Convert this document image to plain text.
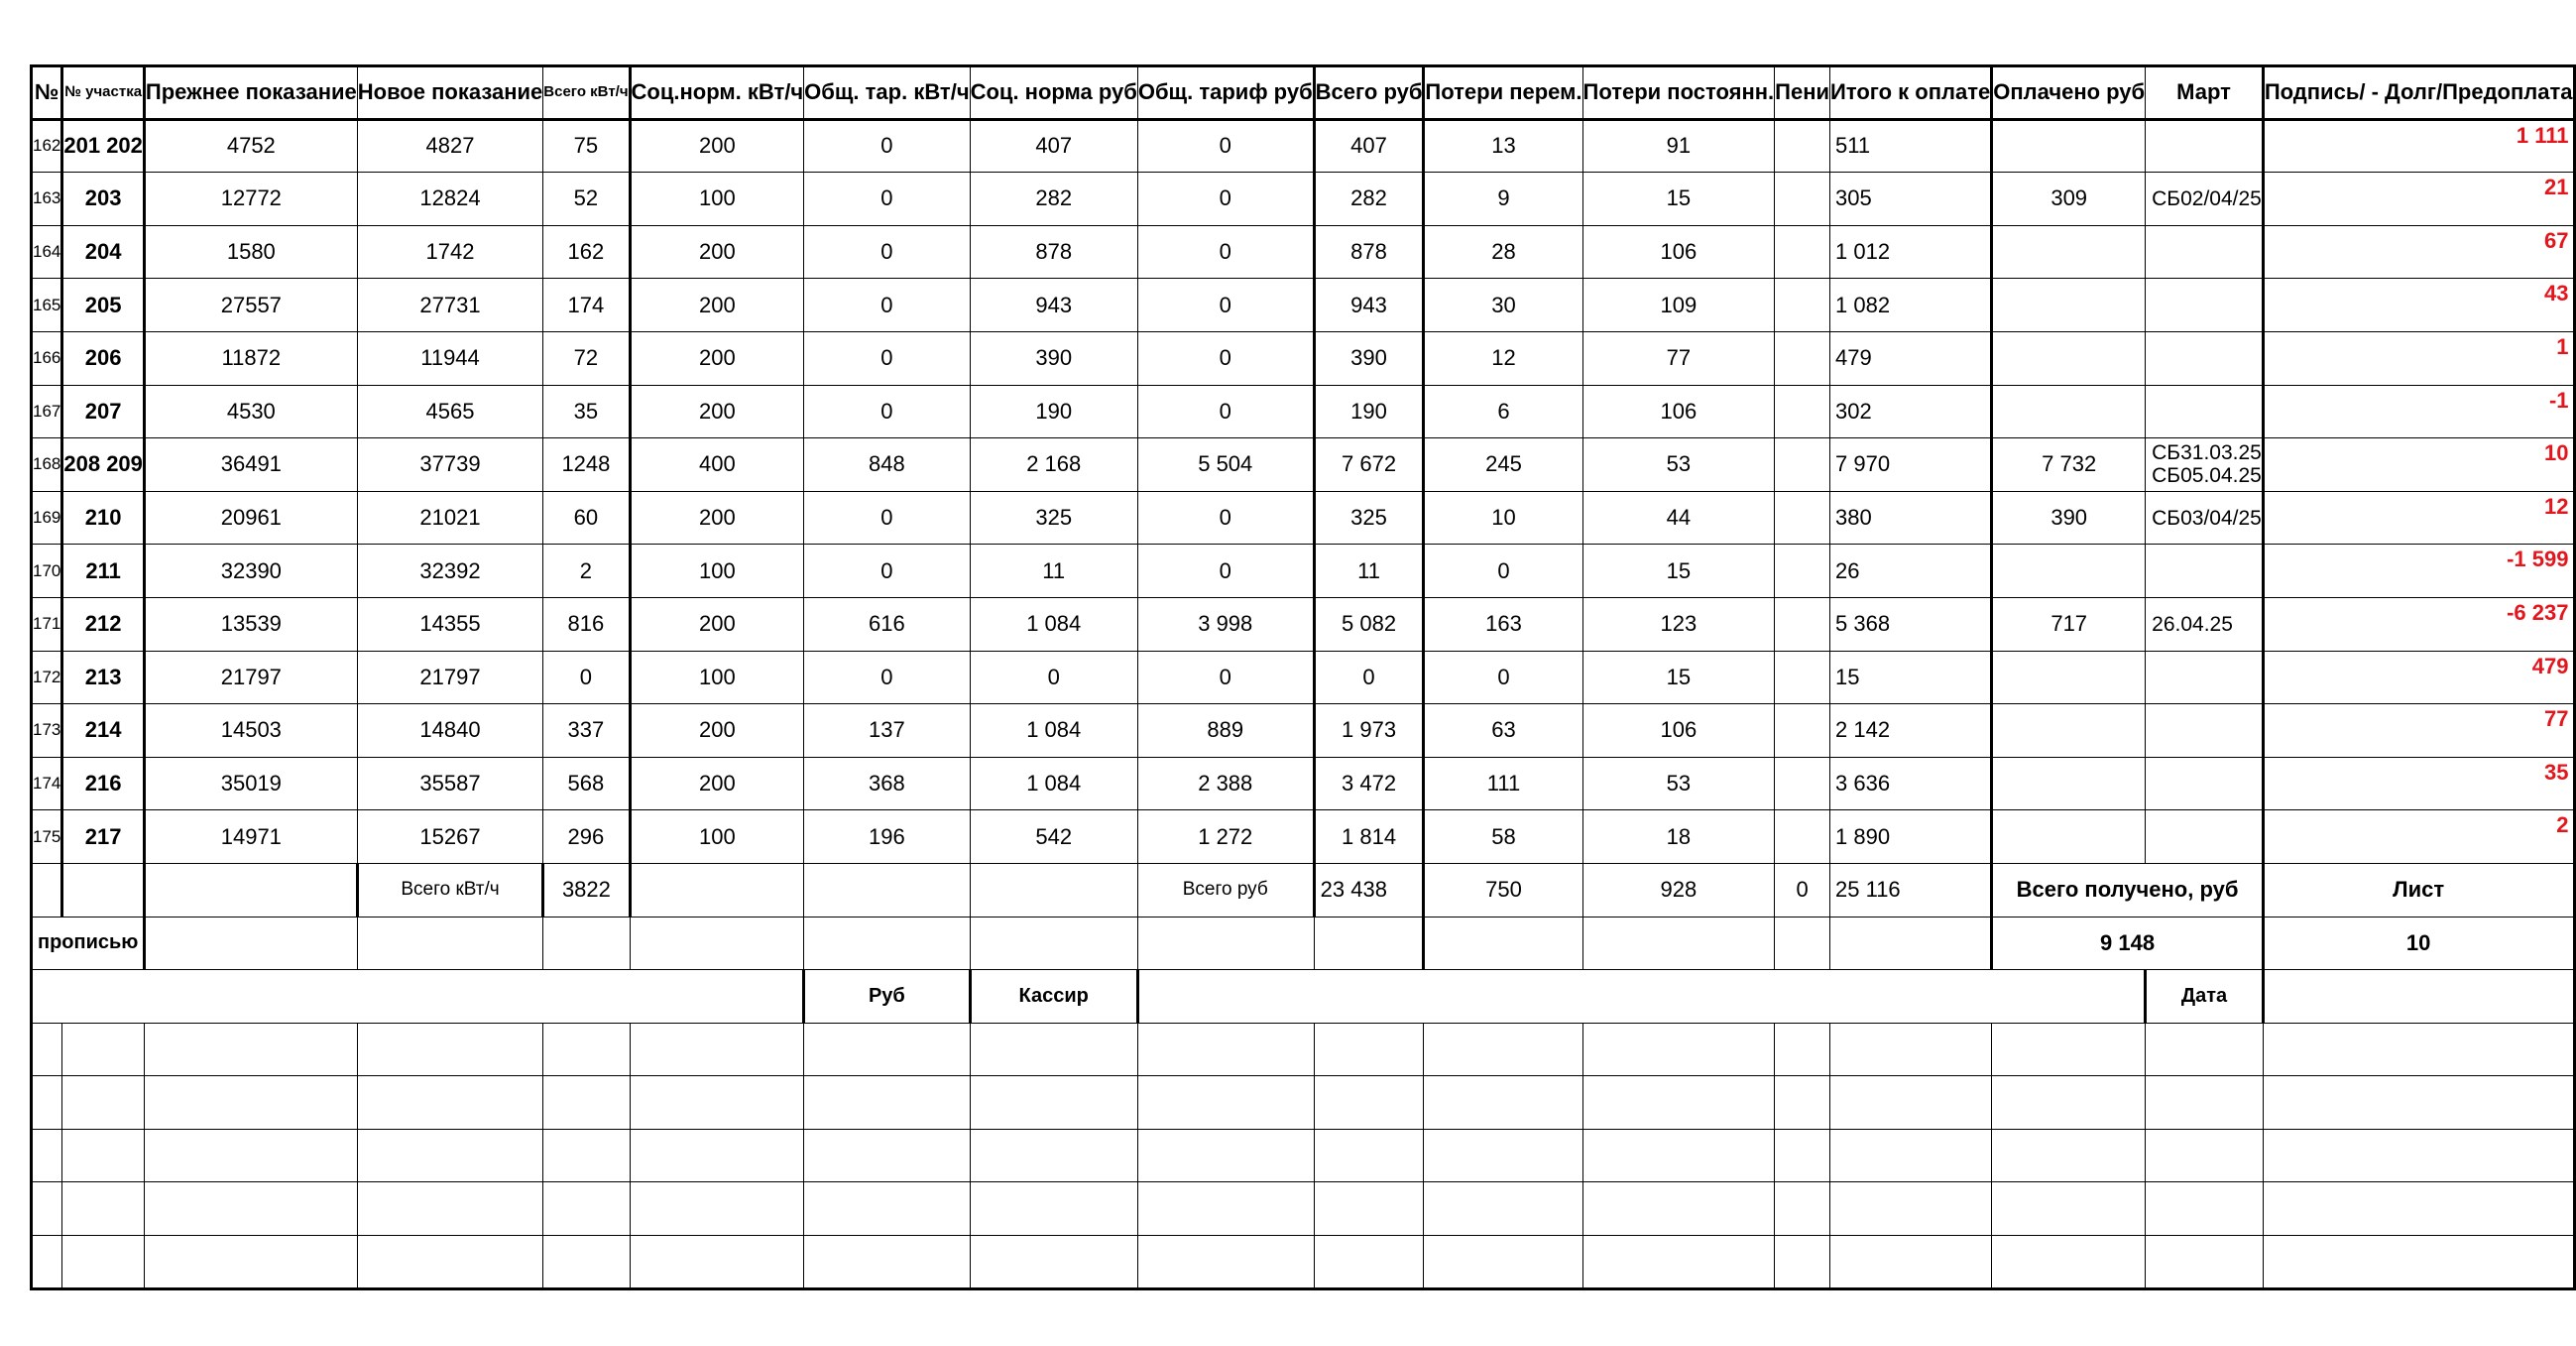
№	№ участка	Прежнее показание	Новое показание	Всего кВт/ч	Соц.норм. кВт/ч	Общ. тар. кВт/ч	Соц. норма руб	Общ. тариф руб	Всего руб	Потери перем.	Потери постоянн.	Пени	Итого к оплате	Оплачено руб	Март	Подпись/ - Долг/Предоплата
162	201 202	4752	4827	75	200	0	407	0	407	13	91		511			1 111
163	203	12772	12824	52	100	0	282	0	282	9	15		305	309	СБ02/04/25	21
164	204	1580	1742	162	200	0	878	0	878	28	106		1 012			67
165	205	27557	27731	174	200	0	943	0	943	30	109		1 082			43
166	206	11872	11944	72	200	0	390	0	390	12	77		479			1
167	207	4530	4565	35	200	0	190	0	190	6	106		302			-1
168	208 209	36491	37739	1248	400	848	2 168	5 504	7 672	245	53		7 970	7 732	СБ31.03.25 СБ05.04.25	10
169	210	20961	21021	60	200	0	325	0	325	10	44		380	390	СБ03/04/25	12
170	211	32390	32392	2	100	0	11	0	11	0	15		26			-1 599
171	212	13539	14355	816	200	616	1 084	3 998	5 082	163	123		5 368	717	26.04.25	-6 237
172	213	21797	21797	0	100	0	0	0	0	0	15		15			479
173	214	14503	14840	337	200	137	1 084	889	1 973	63	106		2 142			77
174	216	35019	35587	568	200	368	1 084	2 388	3 472	111	53		3 636			35
175	217	14971	15267	296	100	196	542	1 272	1 814	58	18		1 890			2
			Всего кВт/ч	3822				Всего руб	23 438	750	928	0	25 116	Всего получено, руб		Лист
прописью														9 148		10
						Руб	Кассир								Дата	
